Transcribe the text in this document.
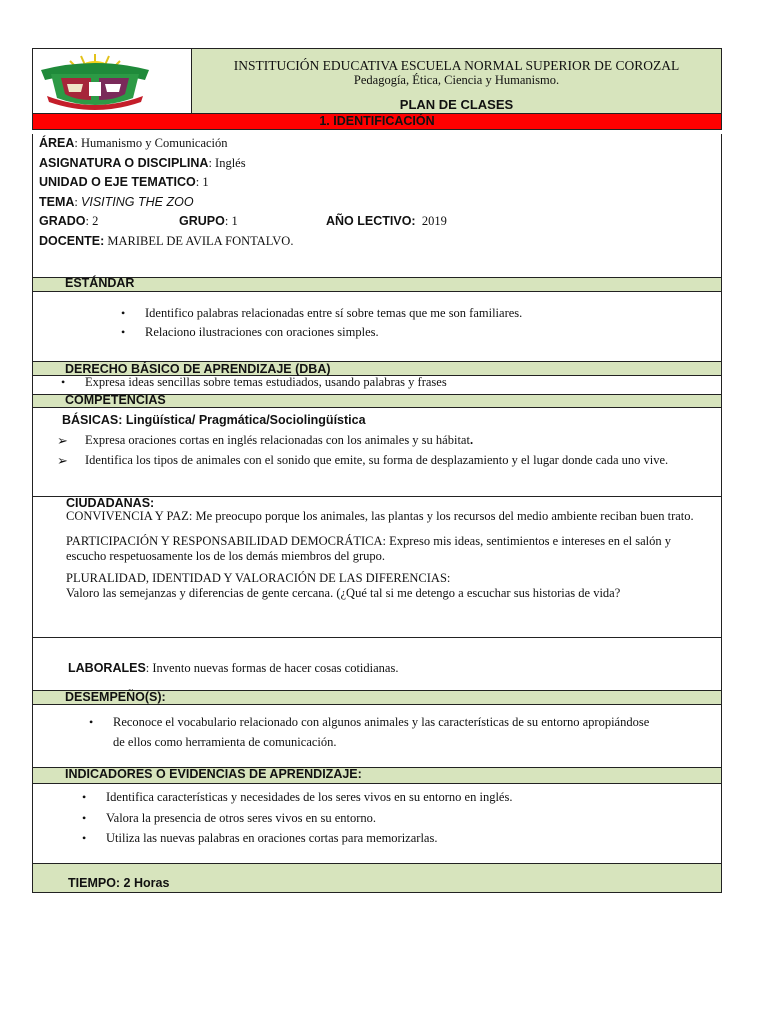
INSTITUCIÓN EDUCATIVA ESCUELA NORMAL SUPERIOR DE COROZAL
Pedagogía, Ética, Ciencia y Humanismo.
PLAN DE CLASES
1. IDENTIFICACIÓN
ÁREA: Humanismo y Comunicación
ASIGNATURA O DISCIPLINA: Inglés
UNIDAD O EJE TEMATICO: 1
TEMA: VISITING THE ZOO
GRADO: 2	GRUPO: 1	AÑO LECTIVO: 2019
DOCENTE: MARIBEL DE AVILA FONTALVO.
ESTÁNDAR
• Identifico palabras relacionadas entre sí sobre temas que me son familiares.
• Relaciono ilustraciones con oraciones simples.
DERECHO BÁSICO DE APRENDIZAJE (DBA)
• Expresa ideas sencillas sobre temas estudiados, usando palabras y frases
COMPETENCIAS
BÁSICAS: Lingüística/ Pragmática/Sociolingüística
➢ Expresa oraciones cortas en inglés relacionadas con los animales y su hábitat.
➢ Identifica los tipos de animales con el sonido que emite, su forma de desplazamiento y el lugar donde cada uno vive.
CIUDADANAS:

CONVIVENCIA Y PAZ: Me preocupo porque los animales, las plantas y los recursos del medio ambiente reciban buen trato.

PARTICIPACIÓN Y RESPONSABILIDAD DEMOCRÁTICA: Expreso mis ideas, sentimientos e intereses en el salón y escucho respetuosamente los de los demás miembros del grupo.

PLURALIDAD, IDENTIDAD Y VALORACIÓN DE LAS DIFERENCIAS:

Valoro las semejanzas y diferencias de gente cercana. (¿Qué tal si me detengo a escuchar sus historias de vida?

LABORALES: Invento nuevas formas de hacer cosas cotidianas.
DESEMPEÑO(S):
• Reconoce el vocabulario relacionado con algunos animales y las características de su entorno apropiándose de ellos como herramienta de comunicación.
INDICADORES O EVIDENCIAS DE APRENDIZAJE:
• Identifica características y necesidades de los seres vivos en su entorno en inglés.
• Valora la presencia de otros seres vivos en su entorno.
• Utiliza las nuevas palabras en oraciones cortas para memorizarlas.
TIEMPO: 2 Horas
